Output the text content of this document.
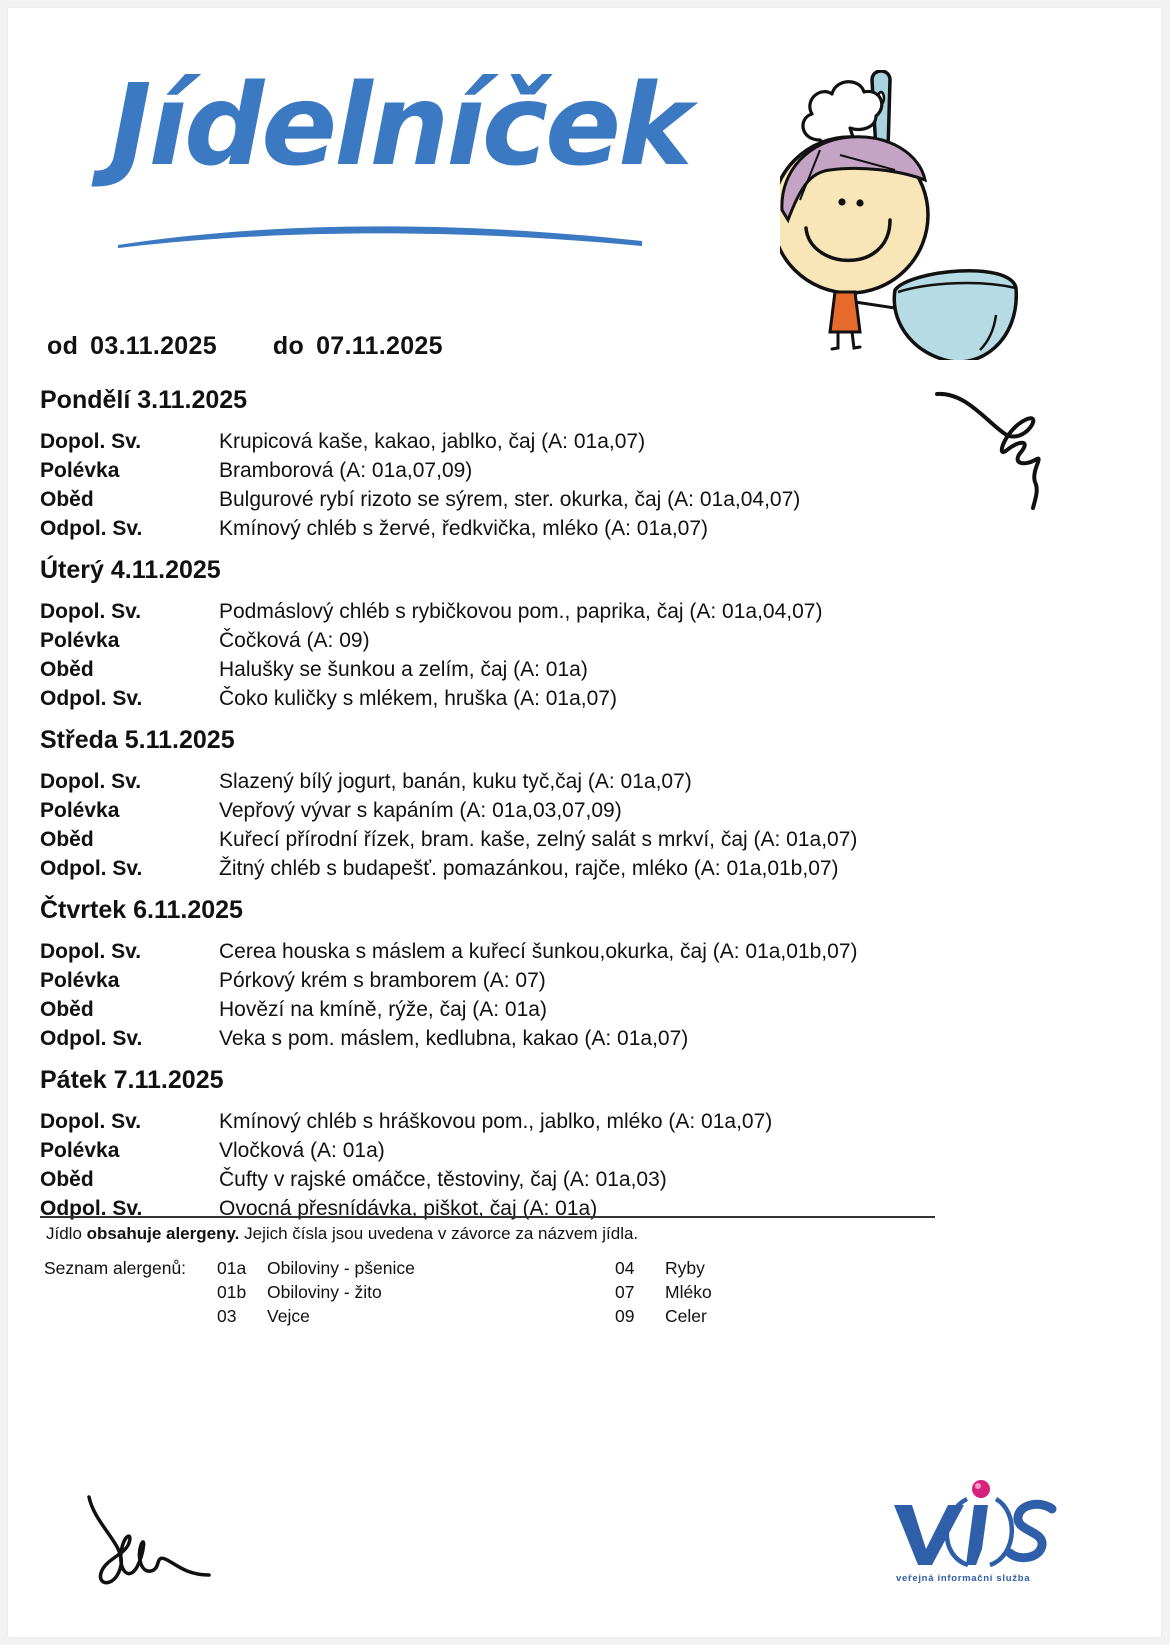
Jídelníček
od 03.11.2025 do 07.11.2025
Pondělí 3.11.2025
Dopol. Sv.	Krupicová kaše, kakao, jablko, čaj (A: 01a,07)
Polévka	Bramborová (A: 01a,07,09)
Oběd	Bulgurové rybí rizoto se sýrem, ster. okurka, čaj (A: 01a,04,07)
Odpol. Sv.	Kmínový chléb s žervé, ředkvička, mléko (A: 01a,07)
Úterý 4.11.2025
Dopol. Sv.	Podmáslový chléb s rybičkovou pom., paprika, čaj (A: 01a,04,07)
Polévka	Čočková (A: 09)
Oběd	Halušky se šunkou a zelím, čaj (A: 01a)
Odpol. Sv.	Čoko kuličky s mlékem, hruška (A: 01a,07)
Středa 5.11.2025
Dopol. Sv.	Slazený bílý jogurt, banán, kuku tyč,čaj (A: 01a,07)
Polévka	Vepřový vývar s kapáním (A: 01a,03,07,09)
Oběd	Kuřecí přírodní řízek, bram. kaše, zelný salát s mrkví, čaj (A: 01a,07)
Odpol. Sv.	Žitný chléb s budapešť. pomazánkou, rajče, mléko (A: 01a,01b,07)
Čtvrtek 6.11.2025
Dopol. Sv.	Cerea houska s máslem a kuřecí šunkou,okurka, čaj (A: 01a,01b,07)
Polévka	Pórkový krém s bramborem (A: 07)
Oběd	Hovězí na kmíně, rýže, čaj (A: 01a)
Odpol. Sv.	Veka s pom. máslem, kedlubna, kakao (A: 01a,07)
Pátek 7.11.2025
Dopol. Sv.	Kmínový chléb s hráškovou pom., jablko, mléko (A: 01a,07)
Polévka	Vločková (A: 01a)
Oběd	Čufty v rajské omáčce, těstoviny, čaj (A: 01a,03)
Odpol. Sv.	Ovocná přesnídávka, piškot, čaj (A: 01a)
Jídlo obsahuje alergeny. Jejich čísla jsou uvedena v závorce za názvem jídla.
Seznam alergenů: 01a Obiloviny - pšenice
01b Obiloviny - žito
03 Vejce
04 Ryby
07 Mléko
09 Celer
veřejná informační služba
